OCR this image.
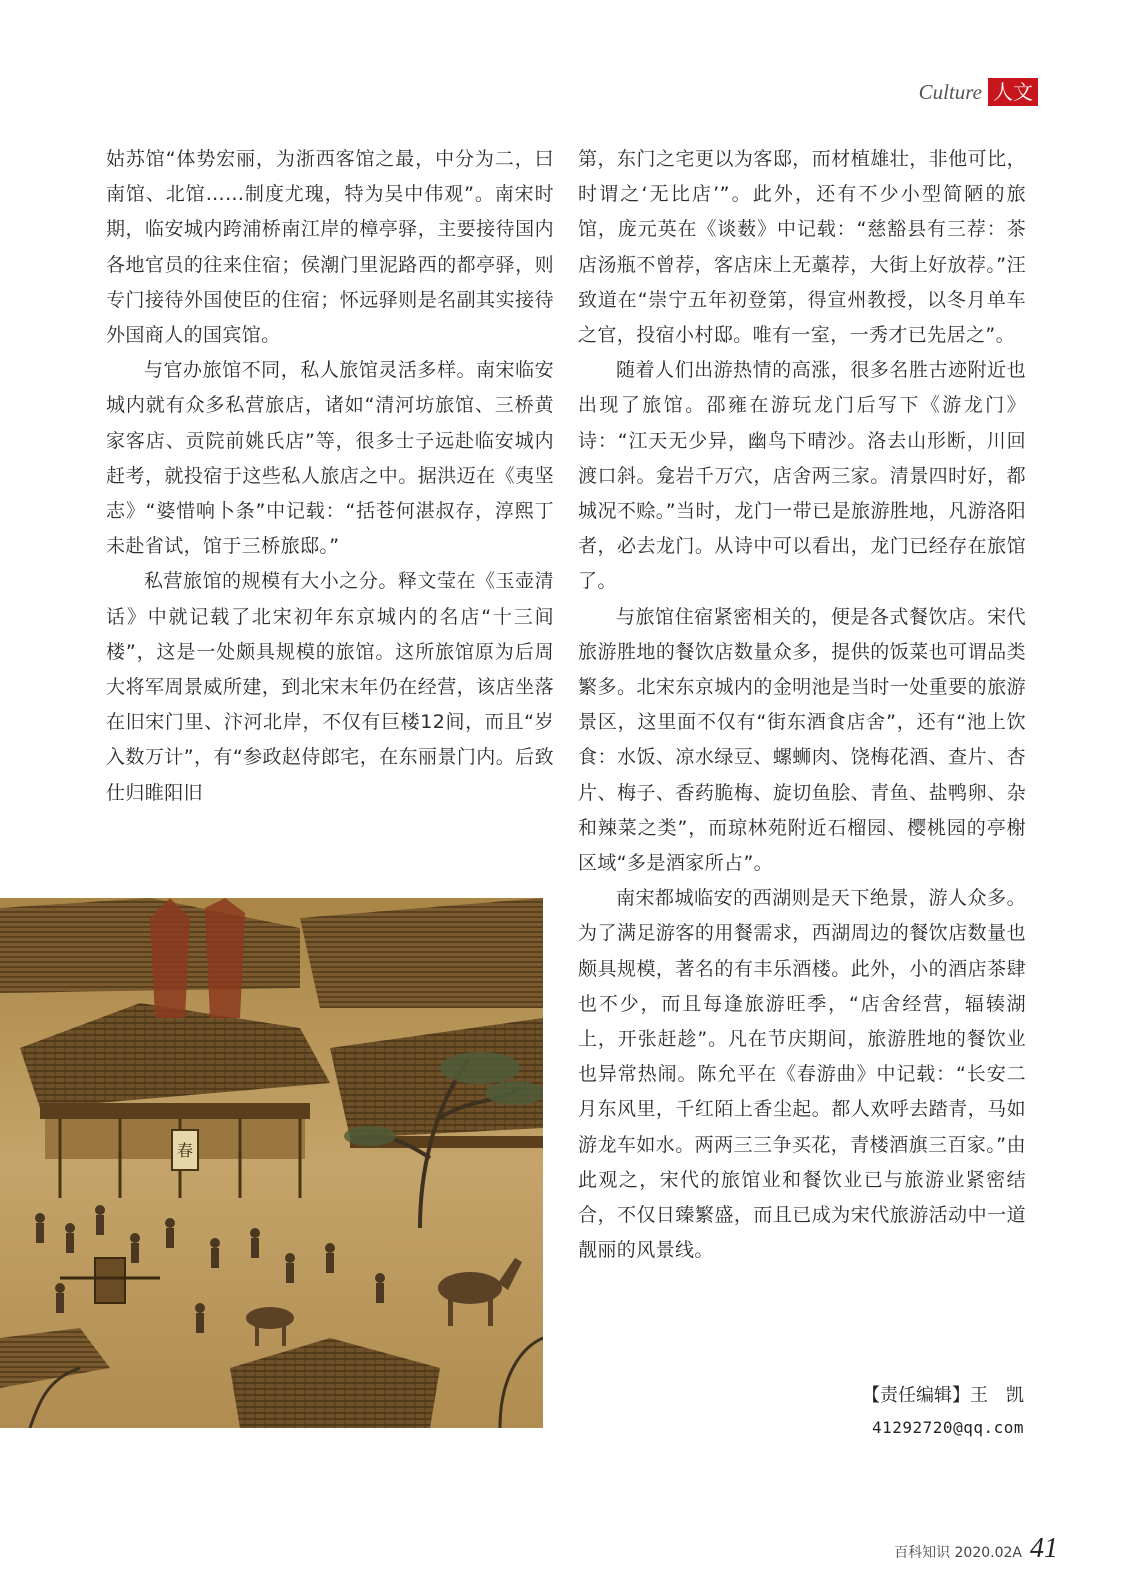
Culture 人文

姑苏馆“体势宏丽，为浙西客馆之最，中分为二，曰南馆、北馆……制度尤瑰，特为吴中伟观”。南宋时期，临安城内跨浦桥南江岸的樟亭驿，主要接待国内各地官员的往来住宿；侯潮门里泥路西的都亭驿，则专门接待外国使臣的住宿；怀远驿则是名副其实接待外国商人的国宾馆。

与官办旅馆不同，私人旅馆灵活多样。南宋临安城内就有众多私营旅店，诸如“清河坊旅馆、三桥黄家客店、贡院前姚氏店”等，很多士子远赴临安城内赶考，就投宿于这些私人旅店之中。据洪迈在《夷坚志》“婆惜响卜条”中记载：“括苍何湛叔存，淳熙丁未赴省试，馆于三桥旅邸。”

私营旅馆的规模有大小之分。释文莹在《玉壶清话》中就记载了北宋初年东京城内的名店“十三间楼”，这是一处颇具规模的旅馆。这所旅馆原为后周大将军周景威所建，到北宋末年仍在经营，该店坐落在旧宋门里、汴河北岸，不仅有巨楼12间，而且“岁入数万计”，有“参政赵侍郎宅，在东丽景门内。后致仕归睢阳旧

第，东门之宅更以为客邸，而材植雄壮，非他可比，时谓之‘无比店’”。此外，还有不少小型简陋的旅馆，庞元英在《谈薮》中记载：“慈豁县有三荐：茶店汤瓶不曾荐，客店床上无藁荐，大街上好放荐。”汪致道在“崇宁五年初登第，得宣州教授，以冬月单车之官，投宿小村邸。唯有一室，一秀才已先居之”。

随着人们出游热情的高涨，很多名胜古迹附近也出现了旅馆。邵雍在游玩龙门后写下《游龙门》诗：“江天无少异，幽鸟下晴沙。洛去山形断，川回渡口斜。龛岩千万穴，店舍两三家。清景四时好，都城况不赊。”当时，龙门一带已是旅游胜地，凡游洛阳者，必去龙门。从诗中可以看出，龙门已经存在旅馆了。

与旅馆住宿紧密相关的，便是各式餐饮店。宋代旅游胜地的餐饮店数量众多，提供的饭菜也可谓品类繁多。北宋东京城内的金明池是当时一处重要的旅游景区，这里面不仅有“街东酒食店舍”，还有“池上饮食：水饭、凉水绿豆、螺蛳肉、饶梅花酒、查片、杏片、梅子、香药脆梅、旋切鱼脍、青鱼、盐鸭卵、杂和辣菜之类”，而琼林苑附近石榴园、樱桃园的亭榭区域“多是酒家所占”。

南宋都城临安的西湖则是天下绝景，游人众多。为了满足游客的用餐需求，西湖周边的餐饮店数量也颇具规模，著名的有丰乐酒楼。此外，小的酒店茶肆也不少，而且每逢旅游旺季，“店舍经营，辐辏湖上，开张赶趁”。凡在节庆期间，旅游胜地的餐饮业也异常热闹。陈允平在《春游曲》中记载：“长安二月东风里，千红陌上香尘起。都人欢呼去踏青，马如游龙车如水。两两三三争买花，青楼酒旗三百家。”由此观之，宋代的旅馆业和餐饮业已与旅游业紧密结合，不仅日臻繁盛，而且已成为宋代旅游活动中一道靓丽的风景线。

春
【责任编辑】王　凯
41292720@qq.com
百科知识 2020.02A 41
